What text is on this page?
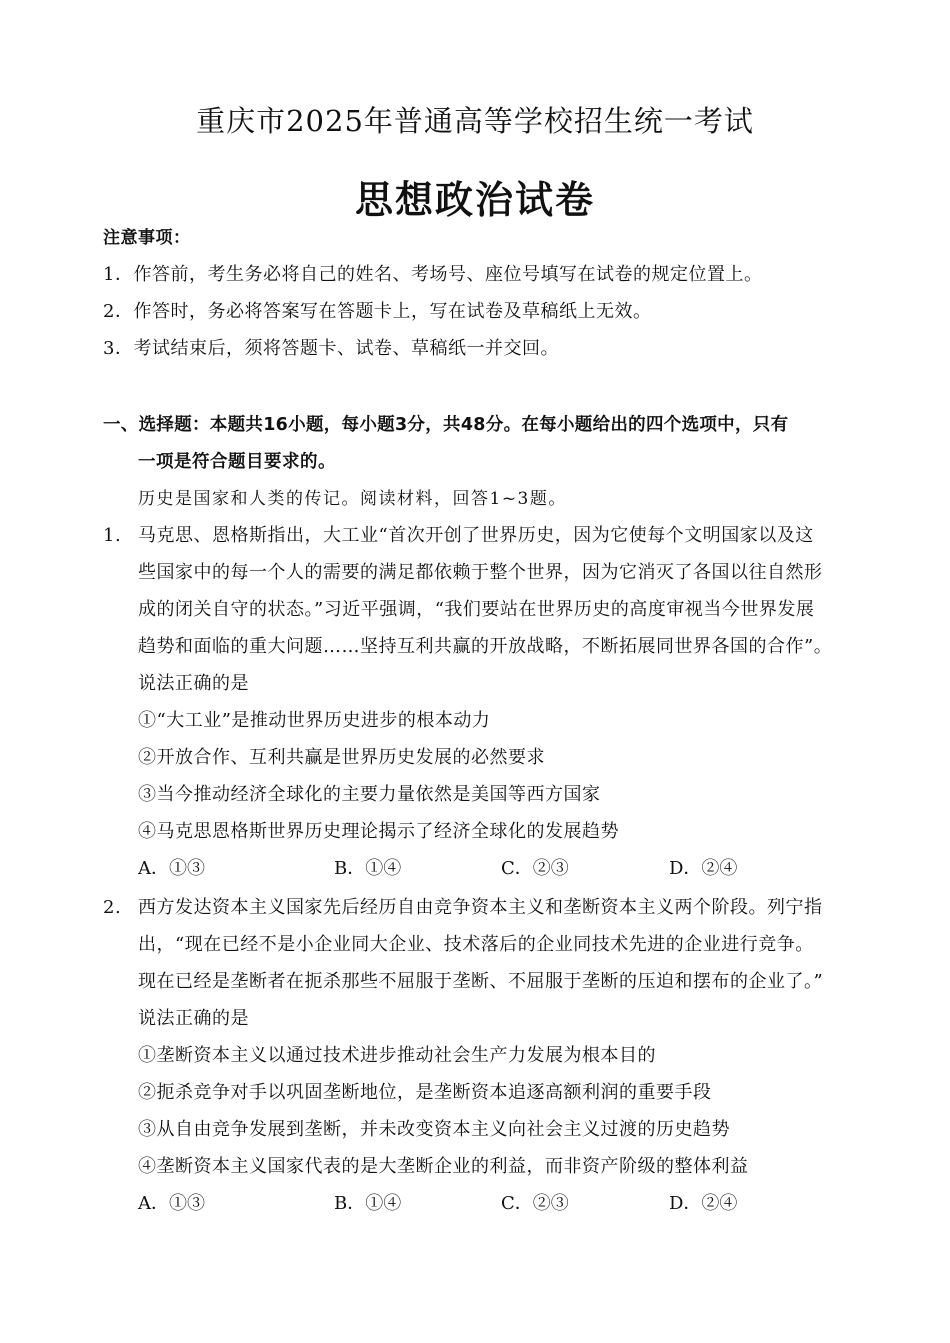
重庆市2025年普通高等学校招生统一考试
思想政治试卷
注意事项：
1．作答前，考生务必将自己的姓名、考场号、座位号填写在试卷的规定位置上。
2．作答时，务必将答案写在答题卡上，写在试卷及草稿纸上无效。
3．考试结束后，须将答题卡、试卷、草稿纸一并交回。
一、选择题：本题共16小题，每小题3分，共48分。在每小题给出的四个选项中，只有
一项是符合题目要求的。
历史是国家和人类的传记。阅读材料，回答1~3题。
1. 马克思、恩格斯指出，大工业“首次开创了世界历史，因为它使每个文明国家以及这
些国家中的每一个人的需要的满足都依赖于整个世界，因为它消灭了各国以往自然形
成的闭关自守的状态。”习近平强调，“我们要站在世界历史的高度审视当今世界发展
趋势和面临的重大问题……坚持互利共赢的开放战略，不断拓展同世界各国的合作”。
说法正确的是
①“大工业”是推动世界历史进步的根本动力
②开放合作、互利共赢是世界历史发展的必然要求
③当今推动经济全球化的主要力量依然是美国等西方国家
④马克思恩格斯世界历史理论揭示了经济全球化的发展趋势
A．①③	B．①④	C．②③	D．②④
2. 西方发达资本主义国家先后经历自由竞争资本主义和垄断资本主义两个阶段。列宁指
出，“现在已经不是小企业同大企业、技术落后的企业同技术先进的企业进行竞争。
现在已经是垄断者在扼杀那些不屈服于垄断、不屈服于垄断的压迫和摆布的企业了。”
说法正确的是
①垄断资本主义以通过技术进步推动社会生产力发展为根本目的
②扼杀竞争对手以巩固垄断地位，是垄断资本追逐高额利润的重要手段
③从自由竞争发展到垄断，并未改变资本主义向社会主义过渡的历史趋势
④垄断资本主义国家代表的是大垄断企业的利益，而非资产阶级的整体利益
A．①③	B．①④	C．②③	D．②④
